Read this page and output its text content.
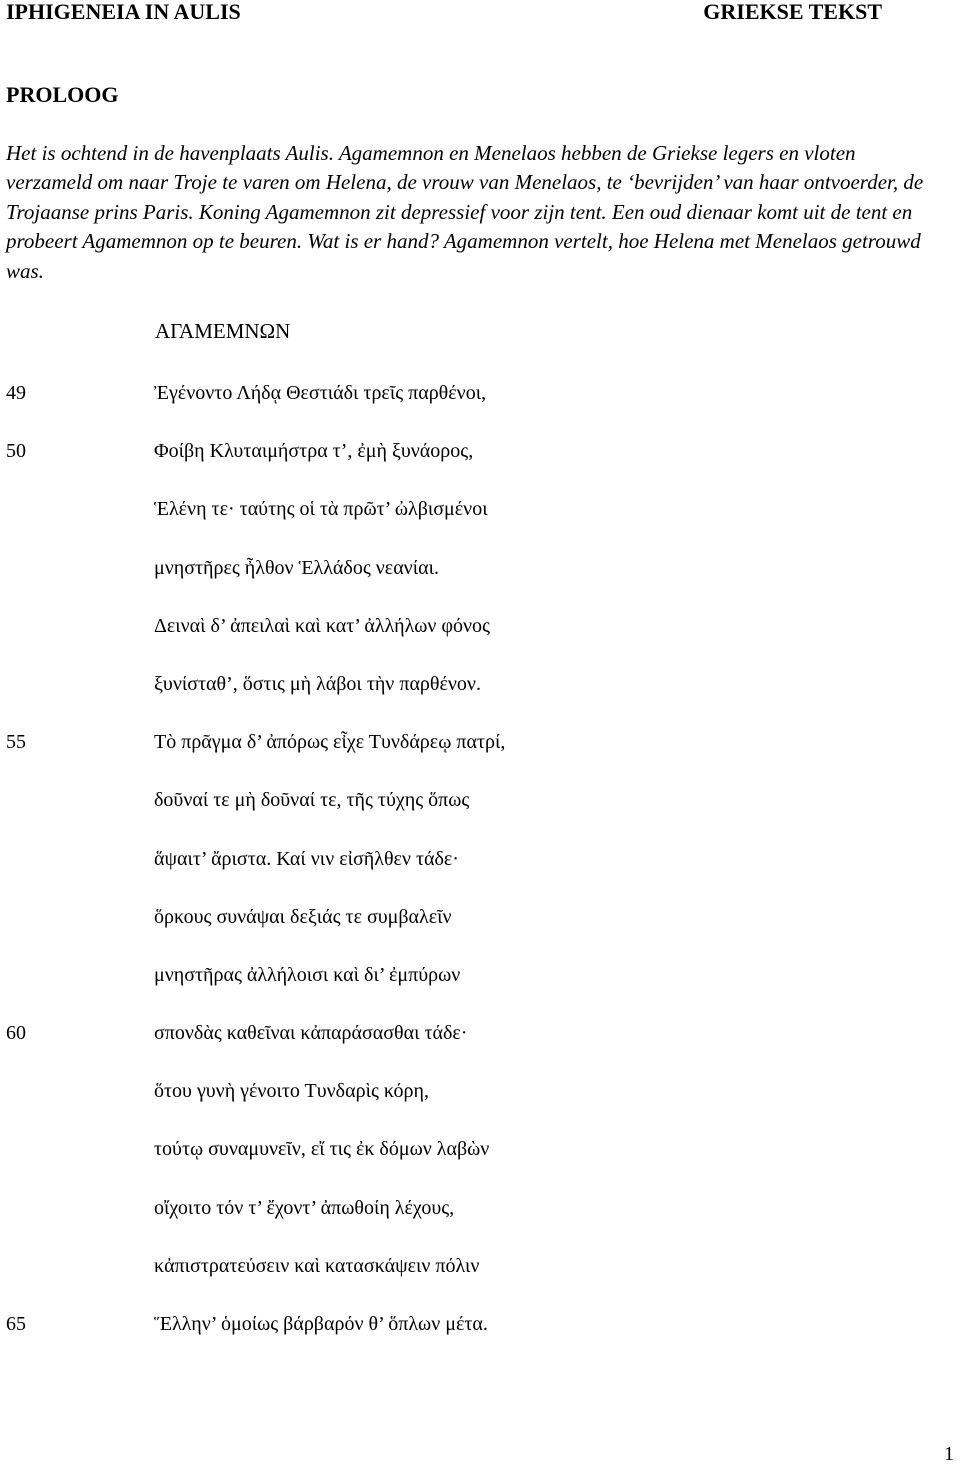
IPHIGENEIA IN AULIS	GRIEKSE TEKST
PROLOOG

Het is ochtend in de havenplaats Aulis. Agamemnon en Menelaos hebben de Griekse legers en vloten verzameld om naar Troje te varen om Helena, de vrouw van Menelaos, te ‘bevrijden’ van haar ontvoerder, de Trojaanse prins Paris. Koning Agamemnon zit depressief voor zijn tent. Een oud dienaar komt uit de tent en probeert Agamemnon op te beuren. Wat is er hand? Agamemnon vertelt, hoe Helena met Menelaos getrouwd was.

ΑΓΑΜΕΜΝΩΝ
49	Ἐγένοντο Λήδᾳ Θεστιάδι τρεῖς παρθένοι,
50	Φοίβη Κλυταιμήστρα τ’, ἐμὴ ξυνάορος,
Ἑλένη τε· ταύτης οἱ τὰ πρῶτ’ ὠλβισμένοι
μνηστῆρες ἦλθον Ἑλλάδος νεανίαι.
Δειναὶ δ’ ἀπειλαὶ καὶ κατ’ ἀλλήλων φόνος
ξυνίσταθ’, ὅστις μὴ λάβοι τὴν παρθένον.
55	Τὸ πρᾶγμα δ’ ἀπόρως εἶχε Τυνδάρεῳ πατρί,
δοῦναί τε μὴ δοῦναί τε, τῆς τύχης ὅπως
ἅψαιτ’ ἄριστα. Καί νιν εἰσῆλθεν τάδε·
ὅρκους συνάψαι δεξιάς τε συμβαλεῖν
μνηστῆρας ἀλλήλοισι καὶ δι’ ἐμπύρων
60	σπονδὰς καθεῖναι κἀπαράσασθαι τάδε·
ὅτου γυνὴ γένοιτο Τυνδαρὶς κόρη,
τούτῳ συναμυνεῖν, εἴ τις ἐκ δόμων λαβὼν
οἴχοιτο τόν τ’ ἔχοντ’ ἀπωθοίη λέχους,
κἀπιστρατεύσειν καὶ κατασκάψειν πόλιν
65	Ἕλλην’ ὁμοίως βάρβαρόν θ’ ὅπλων μέτα.
1
